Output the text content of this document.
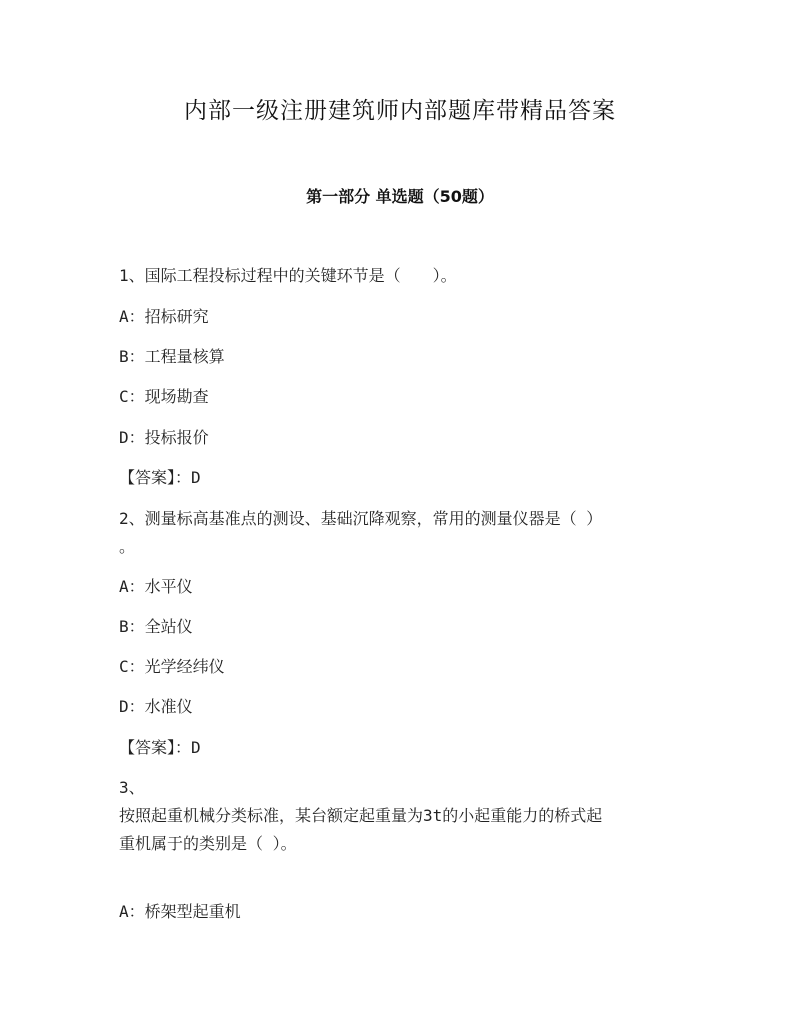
内部一级注册建筑师内部题库带精品答案
第一部分 单选题（50题）
1、国际工程投标过程中的关键环节是（　　）。
A：招标研究
B：工程量核算
C：现场勘查
D：投标报价
【答案】：D
2、测量标高基准点的测设、基础沉降观察，常用的测量仪器是（ ）
。
A：水平仪
B：全站仪
C：光学经纬仪
D：水准仪
【答案】：D
3、
按照起重机械分类标准，某台额定起重量为3t的小起重能力的桥式起
重机属于的类别是（ ）。
A：桥架型起重机
